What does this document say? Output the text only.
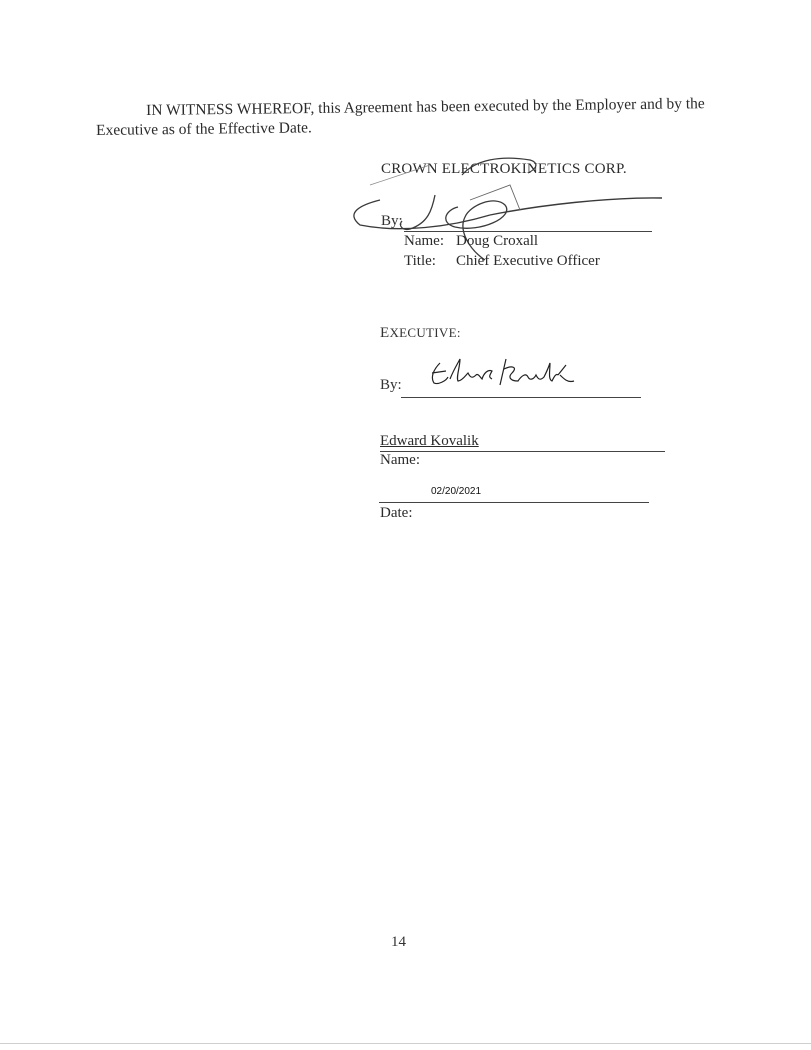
IN WITNESS WHEREOF, this Agreement has been executed by the Employer and by the
Executive as of the Effective Date.
CROWN ELECTROKINETICS CORP.
By:
Name: Doug Croxall
Title: Chief Executive Officer
EXECUTIVE:
By:
Edward Kovalik
Name:
02/20/2021
Date:
14
